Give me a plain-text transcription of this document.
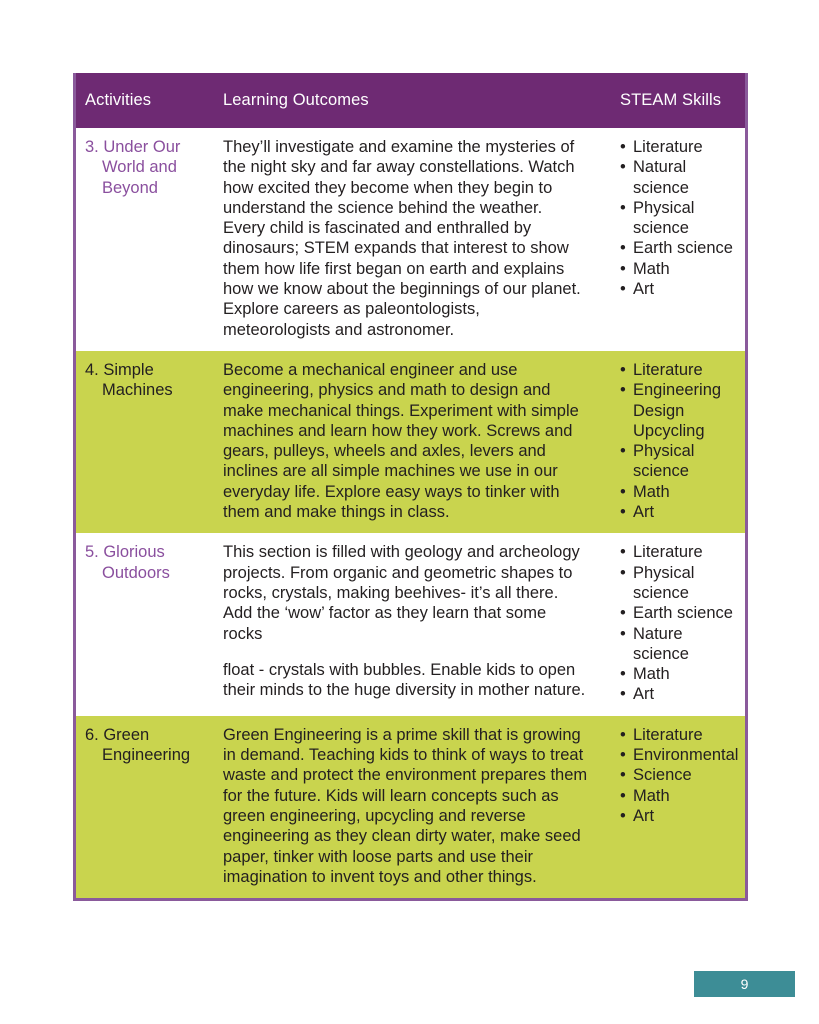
Activities	Learning Outcomes	STEAM Skills

3. Under Our World and Beyond

They’ll investigate and examine the mysteries of the night sky and far away constellations. Watch how excited they become when they begin to understand the science behind the weather. Every child is fascinated and enthralled by dinosaurs; STEM expands that interest to show them how life first began on earth and explains how we know about the beginnings of our planet. Explore careers as paleontologists, meteorologists and astronomer.

• Literature
• Natural science
• Physical science
• Earth science
• Math
• Art

4. Simple Machines

Become a mechanical engineer and use engineering, physics and math to design and make mechanical things. Experiment with simple machines and learn how they work. Screws and gears, pulleys, wheels and axles, levers and inclines are all simple machines we use in our everyday life. Explore easy ways to tinker with them and make things in class.

• Literature
• Engineering
Design
Upcycling
• Physical science
• Math
• Art

5. Glorious Outdoors

This section is filled with geology and archeology projects. From organic and geometric shapes to rocks, crystals, making beehives- it’s all there. Add the ‘wow’ factor as they learn that some rocks

float - crystals with bubbles. Enable kids to open their minds to the huge diversity in mother nature.

• Literature
• Physical science
• Earth science
• Nature science
• Math
• Art

6. Green Engineering

Green Engineering is a prime skill that is growing in demand. Teaching kids to think of ways to treat waste and protect the environment prepares them for the future. Kids will learn concepts such as green engineering, upcycling and reverse engineering as they clean dirty water, make seed paper, tinker with loose parts and use their imagination to invent toys and other things.

• Literature
• Environmental
• Science
• Math
• Art
9
